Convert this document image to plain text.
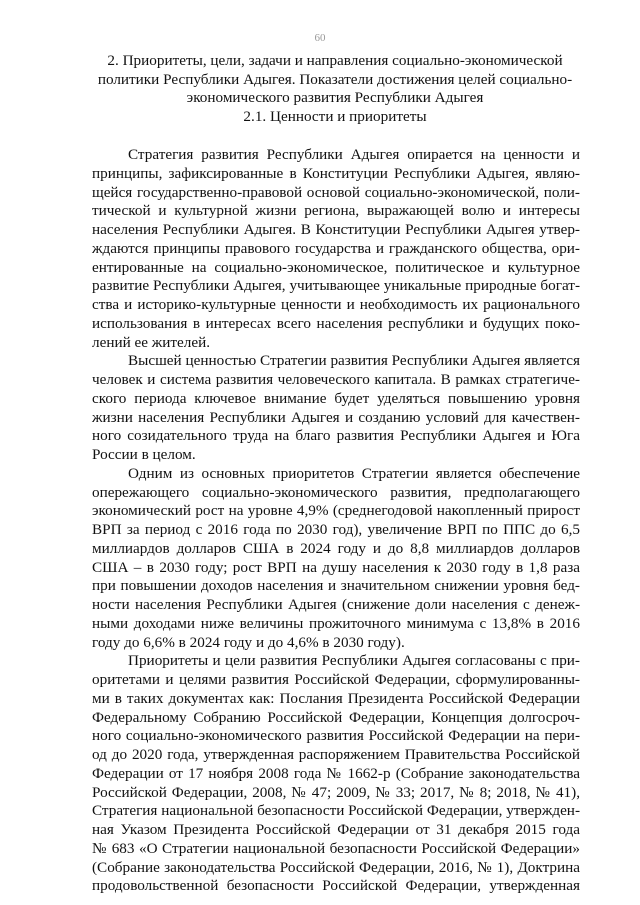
60
2. Приоритеты, цели, задачи и направления социально-экономической
политики Республики Адыгея. Показатели достижения целей социально-
экономического развития Республики Адыгея
2.1. Ценности и приоритеты
Стратегия развития Республики Адыгея опирается на ценности и
принципы, зафиксированные в Конституции Республики Адыгея, являю-
щейся государственно-правовой основой социально-экономической, поли-
тической и культурной жизни региона, выражающей волю и интересы
населения Республики Адыгея. В Конституции Республики Адыгея утвер-
ждаются принципы правового государства и гражданского общества, ори-
ентированные на социально-экономическое, политическое и культурное
развитие Республики Адыгея, учитывающее уникальные природные богат-
ства и историко-культурные ценности и необходимость их рационального
использования в интересах всего населения республики и будущих поко-
лений ее жителей.
Высшей ценностью Стратегии развития Республики Адыгея является
человек и система развития человеческого капитала. В рамках стратегиче-
ского периода ключевое внимание будет уделяться повышению уровня
жизни населения Республики Адыгея и созданию условий для качествен-
ного созидательного труда на благо развития Республики Адыгея и Юга
России в целом.
Одним из основных приоритетов Стратегии является обеспечение
опережающего социально-экономического развития, предполагающего
экономический рост на уровне 4,9% (среднегодовой накопленный прирост
ВРП за период с 2016 года по 2030 год), увеличение ВРП по ППС до 6,5
миллиардов долларов США в 2024 году и до 8,8 миллиардов долларов
США – в 2030 году; рост ВРП на душу населения к 2030 году в 1,8 раза
при повышении доходов населения и значительном снижении уровня бед-
ности населения Республики Адыгея (снижение доли населения с денеж-
ными доходами ниже величины прожиточного минимума с 13,8% в 2016
году до 6,6% в 2024 году и до 4,6% в 2030 году).
Приоритеты и цели развития Республики Адыгея согласованы с при-
оритетами и целями развития Российской Федерации, сформулированны-
ми в таких документах как: Послания Президента Российской Федерации
Федеральному Собранию Российской Федерации, Концепция долгосроч-
ного социально-экономического развития Российской Федерации на пери-
од до 2020 года, утвержденная распоряжением Правительства Российской
Федерации от 17 ноября 2008 года № 1662-р (Собрание законодательства
Российской Федерации, 2008, № 47; 2009, № 33; 2017, № 8; 2018, № 41),
Стратегия национальной безопасности Российской Федерации, утвержден-
ная Указом Президента Российской Федерации от 31 декабря 2015 года
№ 683 «О Стратегии национальной безопасности Российской Федерации»
(Собрание законодательства Российской Федерации, 2016, № 1), Доктрина
продовольственной безопасности Российской Федерации, утвержденная
